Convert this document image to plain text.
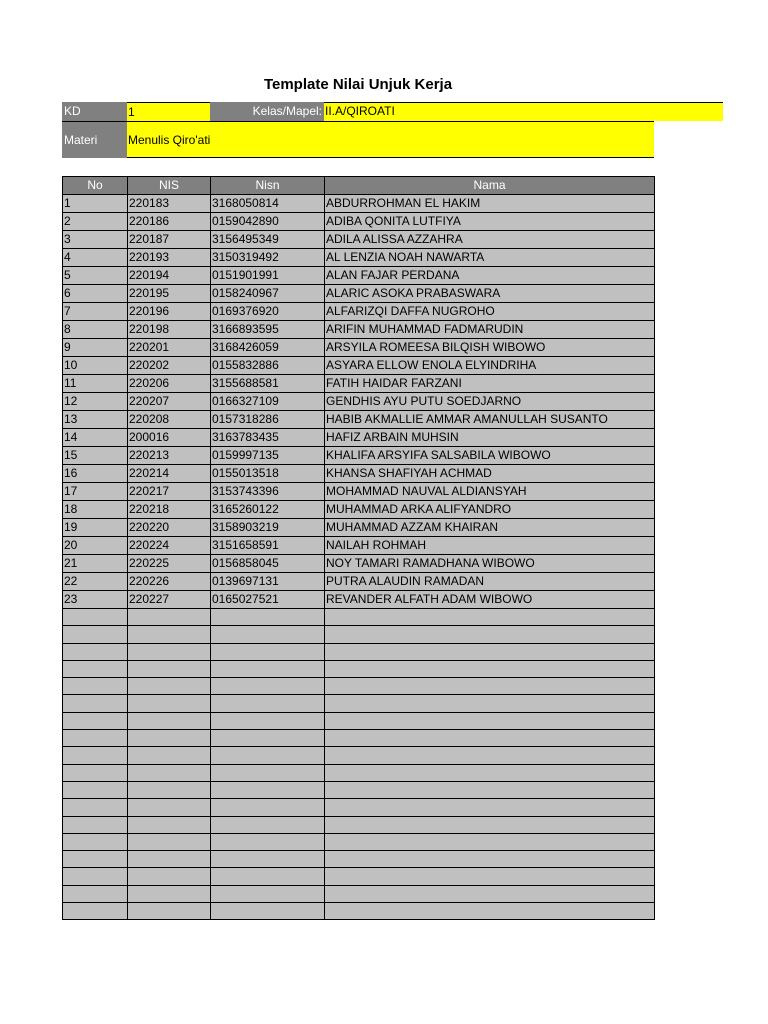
Template Nilai Unjuk Kerja
KD	1	Kelas/Mapel: II.A/QIROATI
Materi	Menulis Qiro'ati
No	NIS	Nisn	Nama
1	220183	3168050814	ABDURROHMAN EL HAKIM
2	220186	0159042890	ADIBA QONITA LUTFIYA
3	220187	3156495349	ADILA ALISSA AZZAHRA
4	220193	3150319492	AL LENZIA NOAH NAWARTA
5	220194	0151901991	ALAN FAJAR PERDANA
6	220195	0158240967	ALARIC ASOKA PRABASWARA
7	220196	0169376920	ALFARIZQI DAFFA NUGROHO
8	220198	3166893595	ARIFIN MUHAMMAD FADMARUDIN
9	220201	3168426059	ARSYILA ROMEESA BILQISH WIBOWO
10	220202	0155832886	ASYARA ELLOW ENOLA ELYINDRIHA
11	220206	3155688581	FATIH HAIDAR FARZANI
12	220207	0166327109	GENDHIS AYU PUTU SOEDJARNO
13	220208	0157318286	HABIB AKMALLIE AMMAR AMANULLAH SUSANTO
14	200016	3163783435	HAFIZ ARBAIN MUHSIN
15	220213	0159997135	KHALIFA ARSYIFA SALSABILA WIBOWO
16	220214	0155013518	KHANSA SHAFIYAH ACHMAD
17	220217	3153743396	MOHAMMAD NAUVAL ALDIANSYAH
18	220218	3165260122	MUHAMMAD ARKA ALIFYANDRO
19	220220	3158903219	MUHAMMAD AZZAM KHAIRAN
20	220224	3151658591	NAILAH ROHMAH
21	220225	0156858045	NOY TAMARI RAMADHANA WIBOWO
22	220226	0139697131	PUTRA ALAUDIN RAMADAN
23	220227	0165027521	REVANDER ALFATH ADAM WIBOWO
